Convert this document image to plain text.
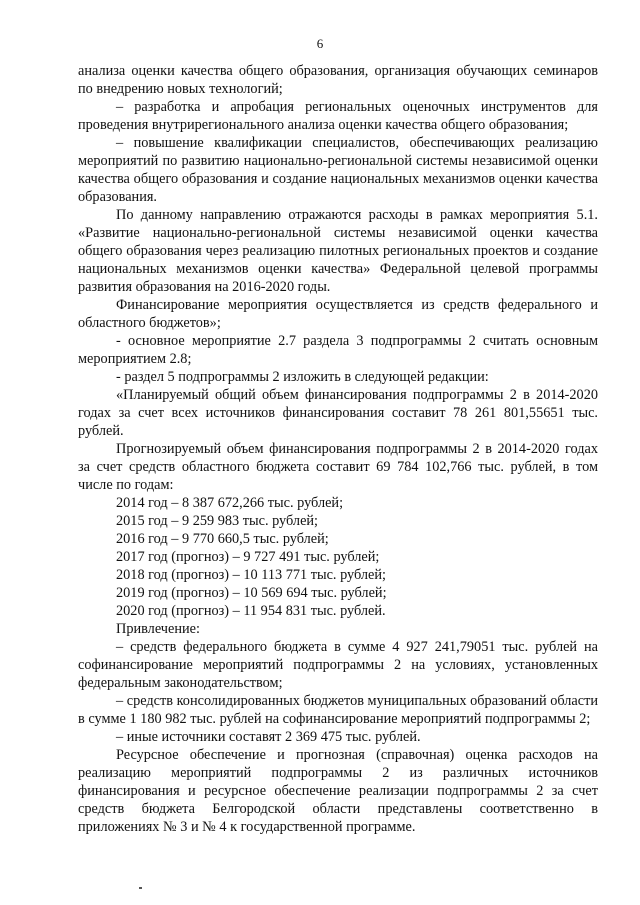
6

анализа оценки качества общего образования, организация обучающих семинаров по внедрению новых технологий;

– разработка и апробация региональных оценочных инструментов для проведения внутрирегионального анализа оценки качества общего образования;

– повышение квалификации специалистов, обеспечивающих реализацию мероприятий по развитию национально-региональной системы независимой оценки качества общего образования и создание национальных механизмов оценки качества образования.

По данному направлению отражаются расходы в рамках мероприятия 5.1. «Развитие национально-региональной системы независимой оценки качества общего образования через реализацию пилотных региональных проектов и создание национальных механизмов оценки качества» Федеральной целевой программы развития образования на 2016-2020 годы.

Финансирование мероприятия осуществляется из средств федерального и областного бюджетов»;

- основное мероприятие 2.7 раздела 3 подпрограммы 2 считать основным мероприятием 2.8;

- раздел 5 подпрограммы 2 изложить в следующей редакции:

«Планируемый общий объем финансирования подпрограммы 2 в 2014-2020 годах за счет всех источников финансирования составит 78 261 801,55651 тыс. рублей.

Прогнозируемый объем финансирования подпрограммы 2 в 2014-2020 годах за счет средств областного бюджета составит 69 784 102,766 тыс. рублей, в том числе по годам:

2014 год – 8 387 672,266 тыс. рублей;

2015 год – 9 259 983 тыс. рублей;

2016 год – 9 770 660,5 тыс. рублей;

2017 год (прогноз) – 9 727 491 тыс. рублей;

2018 год (прогноз) – 10 113 771 тыс. рублей;

2019 год (прогноз) – 10 569 694 тыс. рублей;

2020 год (прогноз) – 11 954 831 тыс. рублей.

Привлечение:

– средств федерального бюджета в сумме 4 927 241,79051 тыс. рублей на софинансирование мероприятий подпрограммы 2 на условиях, установленных федеральным законодательством;

– средств консолидированных бюджетов муниципальных образований области в сумме 1 180 982 тыс. рублей на софинансирование мероприятий подпрограммы 2;

– иные источники составят 2 369 475 тыс. рублей.

Ресурсное обеспечение и прогнозная (справочная) оценка расходов на реализацию мероприятий подпрограммы 2 из различных источников финансирования и ресурсное обеспечение реализации подпрограммы 2 за счет средств бюджета Белгородской области представлены соответственно в приложениях № 3 и № 4 к государственной программе.
